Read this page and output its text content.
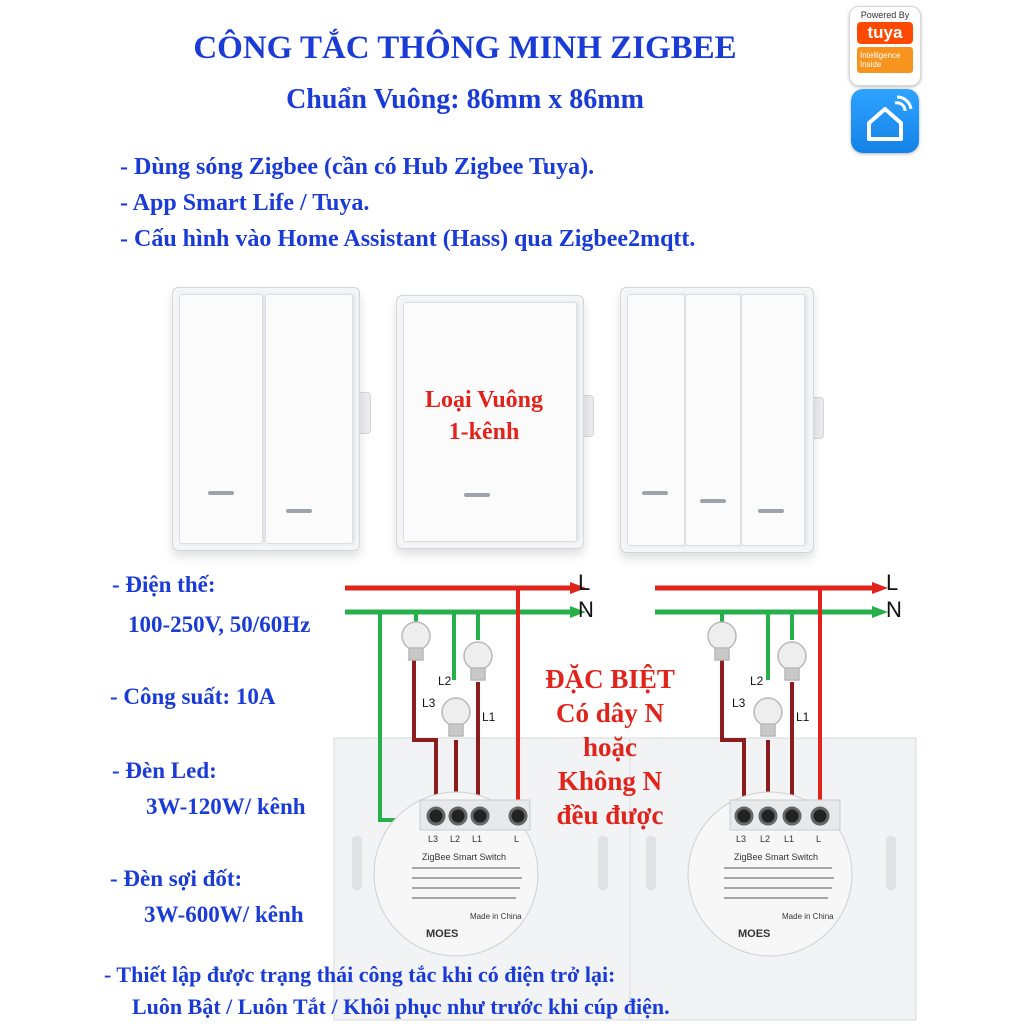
CÔNG TẮC THÔNG MINH ZIGBEE
Chuẩn Vuông: 86mm x 86mm
Powered By
tuya
Intelligence Inside
- Dùng sóng Zigbee (cần có Hub Zigbee Tuya).
- App Smart Life / Tuya.
- Cấu hình vào Home Assistant (Hass) qua Zigbee2mqtt.
Loại Vuông
1-kênh
- Điện thế:
100-250V, 50/60Hz
- Công suất: 10A
- Đèn Led:
3W-120W/ kênh
- Đèn sợi đốt:
3W-600W/ kênh
L
N
L
N
L2
L3
L1
L2
L3
L1
L3 L2 L1	L
ZigBee Smart Switch
MOES
Made in China
L3 L2 L1 L
ZigBee Smart Switch
MOES
Made in China
ĐẶC BIỆT
Có dây N
hoặc
Không N
đều được
- Thiết lập được trạng thái công tắc khi có điện trở lại:
Luôn Bật / Luôn Tắt / Khôi phục như trước khi cúp điện.
